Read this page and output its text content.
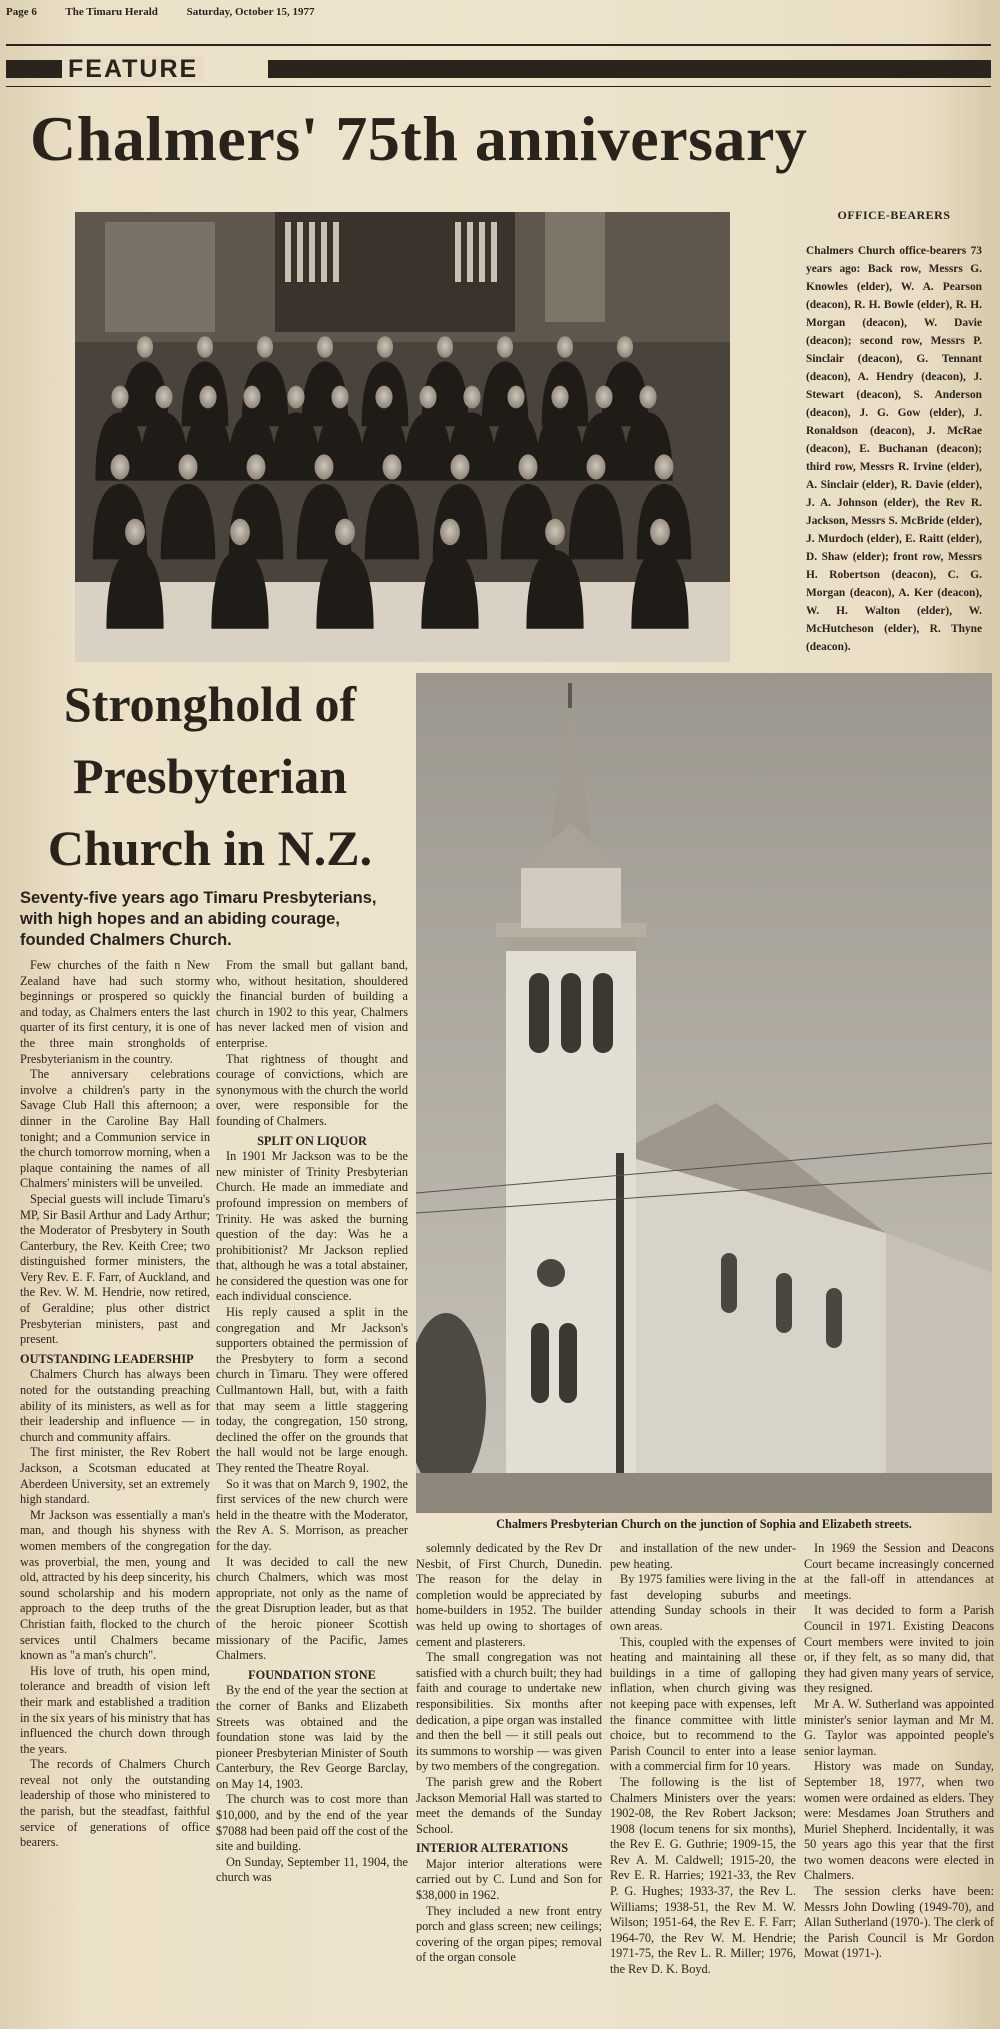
Page 6	The Timaru Herald	Saturday, October 15, 1977
FEATURE
Chalmers' 75th anniversary
OFFICE-BEARERS
Chalmers Church office-bearers 73 years ago: Back row, Messrs G. Knowles (elder), W. A. Pearson (deacon), R. H. Bowle (elder), R. H. Morgan (deacon), W. Davie (deacon); second row, Messrs P. Sinclair (deacon), G. Tennant (deacon), A. Hendry (deacon), J. Stewart (deacon), S. Anderson (deacon), J. G. Gow (elder), J. Ronaldson (deacon), J. McRae (deacon), E. Buchanan (deacon); third row, Messrs R. Irvine (elder), A. Sinclair (elder), R. Davie (elder), J. A. Johnson (elder), the Rev R. Jackson, Messrs S. McBride (elder), J. Murdoch (elder), E. Raitt (elder), D. Shaw (elder); front row, Messrs H. Robertson (deacon), C. G. Morgan (deacon), A. Ker (deacon), W. H. Walton (elder), W. McHutcheson (elder), R. Thyne (deacon).
Stronghold of
Presbyterian
Church in N.Z.
Seventy-five years ago Timaru Presbyterians, with high hopes and an abiding courage, founded Chalmers Church.

Few churches of the faith n New Zealand have had such stormy beginnings or prospered so quickly and today, as Chalmers enters the last quarter of its first century, it is one of the three main strongholds of Presbyterianism in the country.

The anniversary celebrations involve a children's party in the Savage Club Hall this afternoon; a dinner in the Caroline Bay Hall tonight; and a Communion service in the church tomorrow morning, when a plaque containing the names of all Chalmers' ministers will be unveiled.

Special guests will include Timaru's MP, Sir Basil Arthur and Lady Arthur; the Moderator of Presbytery in South Canterbury, the Rev. Keith Cree; two distinguished former ministers, the Very Rev. E. F. Farr, of Auckland, and the Rev. W. M. Hendrie, now retired, of Geraldine; plus other district Presbyterian ministers, past and present.

OUTSTANDING LEADERSHIP

Chalmers Church has always been noted for the outstanding preaching ability of its ministers, as well as for their leadership and influence — in church and community affairs.

The first minister, the Rev Robert Jackson, a Scotsman educated at Aberdeen University, set an extremely high standard.

Mr Jackson was essentially a man's man, and though his shyness with women members of the congregation was proverbial, the men, young and old, attracted by his deep sincerity, his sound scholarship and his modern approach to the deep truths of the Christian faith, flocked to the church services until Chalmers became known as "a man's church".

His love of truth, his open mind, tolerance and breadth of vision left their mark and established a tradition in the six years of his ministry that has influenced the church down through the years.

The records of Chalmers Church reveal not only the outstanding leadership of those who ministered to the parish, but the steadfast, faithful service of generations of office bearers.

From the small but gallant band, who, without hesitation, shouldered the financial burden of building a church in 1902 to this year, Chalmers has never lacked men of vision and enterprise.

That rightness of thought and courage of convictions, which are synonymous with the church the world over, were responsible for the founding of Chalmers.

SPLIT ON LIQUOR

In 1901 Mr Jackson was to be the new minister of Trinity Presbyterian Church. He made an immediate and profound impression on members of Trinity. He was asked the burning question of the day: Was he a prohibitionist? Mr Jackson replied that, although he was a total abstainer, he considered the question was one for each individual conscience.

His reply caused a split in the congregation and Mr Jackson's supporters obtained the permission of the Presbytery to form a second church in Timaru. They were offered Cullmantown Hall, but, with a faith that may seem a little staggering today, the congregation, 150 strong, declined the offer on the grounds that the hall would not be large enough. They rented the Theatre Royal.

So it was that on March 9, 1902, the first services of the new church were held in the theatre with the Moderator, the Rev A. S. Morrison, as preacher for the day.

It was decided to call the new church Chalmers, which was most appropriate, not only as the name of the great Disruption leader, but as that of the heroic pioneer Scottish missionary of the Pacific, James Chalmers.

FOUNDATION STONE

By the end of the year the section at the corner of Banks and Elizabeth Streets was obtained and the foundation stone was laid by the pioneer Presbyterian Minister of South Canterbury, the Rev George Barclay, on May 14, 1903.

The church was to cost more than $10,000, and by the end of the year $7088 had been paid off the cost of the site and building.

On Sunday, September 11, 1904, the church was

Chalmers Presbyterian Church on the junction of Sophia and Elizabeth streets.

solemnly dedicated by the Rev Dr Nesbit, of First Church, Dunedin. The reason for the delay in completion would be appreciated by home-builders in 1952. The builder was held up owing to shortages of cement and plasterers.

The small congregation was not satisfied with a church built; they had faith and courage to undertake new responsibilities. Six months after dedication, a pipe organ was installed and then the bell — it still peals out its summons to worship — was given by two members of the congregation.

The parish grew and the Robert Jackson Memorial Hall was started to meet the demands of the Sunday School.

INTERIOR ALTERATIONS

Major interior alterations were carried out by C. Lund and Son for $38,000 in 1962.

They included a new front entry porch and glass screen; new ceilings; covering of the organ pipes; removal of the organ console

and installation of the new under-pew heating.

By 1975 families were living in the fast developing suburbs and attending Sunday schools in their own areas.

This, coupled with the expenses of heating and maintaining all these buildings in a time of galloping inflation, when church giving was not keeping pace with expenses, left the finance committee with little choice, but to recommend to the Parish Council to enter into a lease with a commercial firm for 10 years.

The following is the list of Chalmers Ministers over the years: 1902-08, the Rev Robert Jackson; 1908 (locum tenens for six months), the Rev E. G. Guthrie; 1909-15, the Rev A. M. Caldwell; 1915-20, the Rev E. R. Harries; 1921-33, the Rev P. G. Hughes; 1933-37, the Rev L. Williams; 1938-51, the Rev M. W. Wilson; 1951-64, the Rev E. F. Farr; 1964-70, the Rev W. M. Hendrie; 1971-75, the Rev L. R. Miller; 1976, the Rev D. K. Boyd.

In 1969 the Session and Deacons Court became increasingly concerned at the fall-off in attendances at meetings.

It was decided to form a Parish Council in 1971. Existing Deacons Court members were invited to join or, if they felt, as so many did, that they had given many years of service, they resigned.

Mr A. W. Sutherland was appointed minister's senior layman and Mr M. G. Taylor was appointed people's senior layman.

History was made on Sunday, September 18, 1977, when two women were ordained as elders. They were: Mesdames Joan Struthers and Muriel Shepherd. Incidentally, it was 50 years ago this year that the first two women deacons were elected in Chalmers.

The session clerks have been: Messrs John Dowling (1949-70), and Allan Sutherland (1970-). The clerk of the Parish Council is Mr Gordon Mowat (1971-).
